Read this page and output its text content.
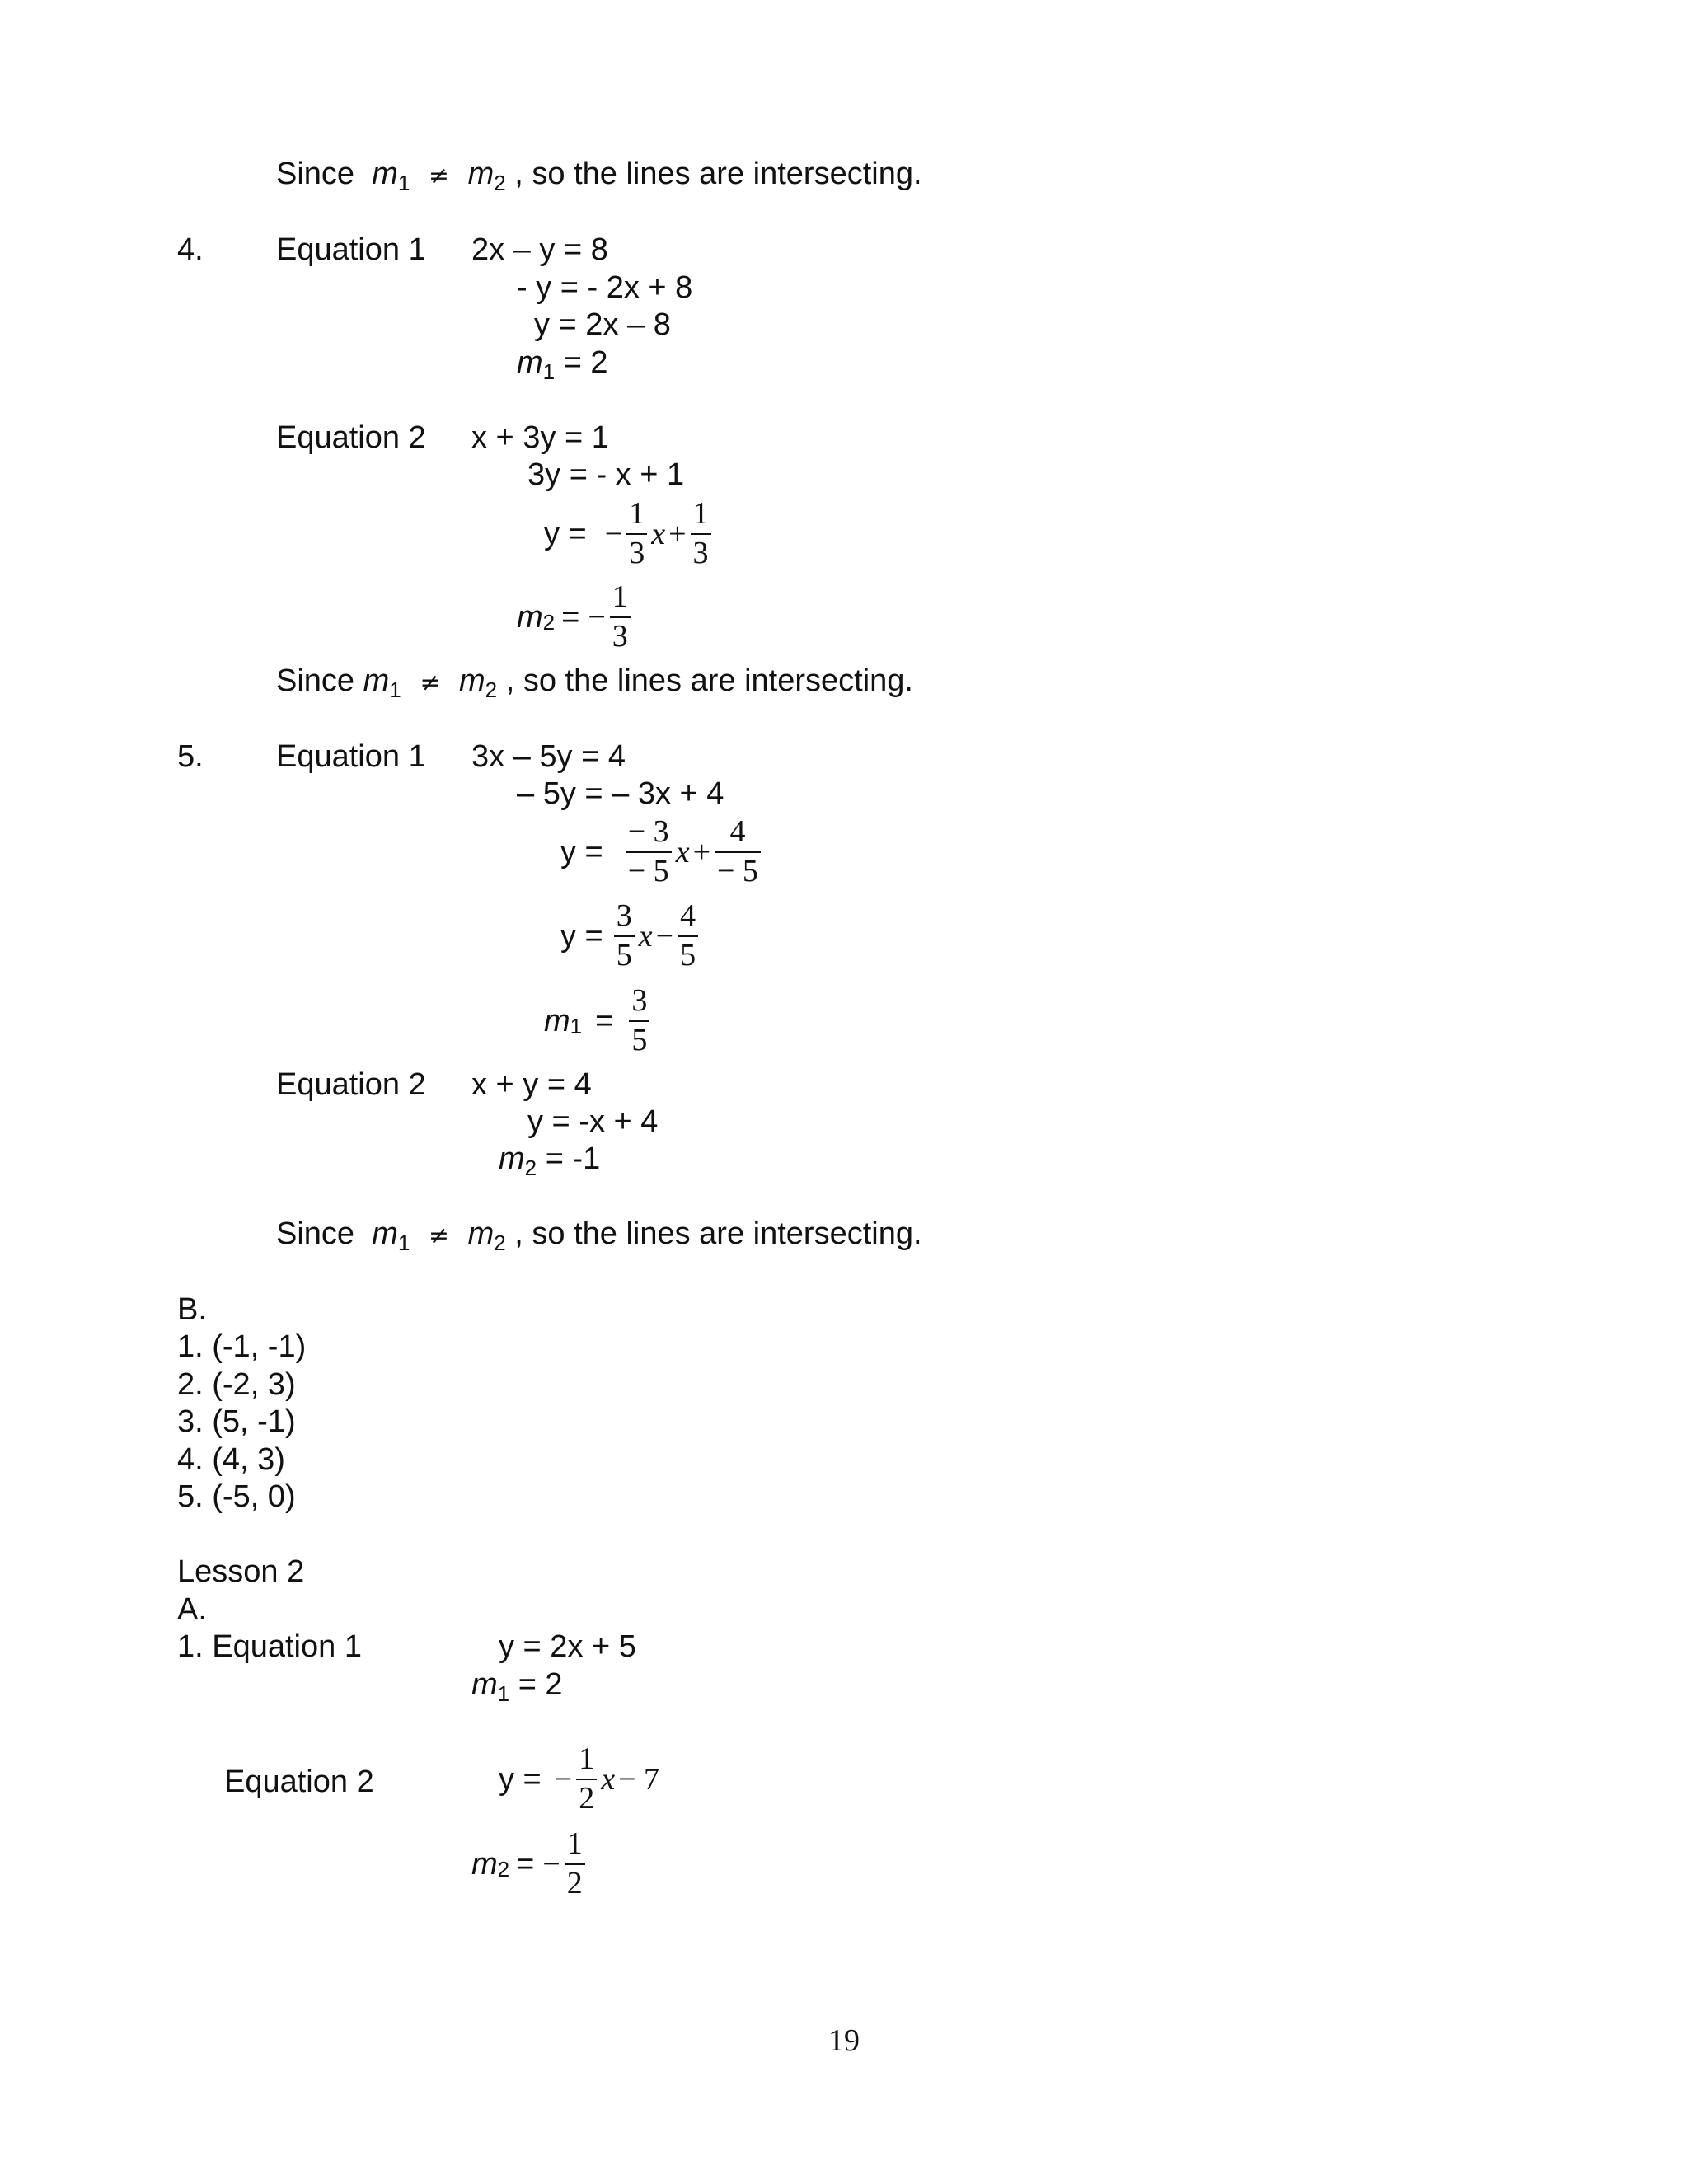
Since $m_1 \ne m_2$ , so the lines are intersecting.
4. Equation 1 2x – y = 8
- y = - 2x + 8
y = 2x – 8
$m_1 = 2$
Equation 2 x + 3y = 1
3y = - x + 1
y = − $\frac{1}{3}$ $x + \frac{1}{3}$
m 2 = − $\frac{1}{3}$
Since $m_1 \ne m_2$ , so the lines are intersecting.
5. Equation 1 3x – 5y = 4
– 5y = – 3x + 4
$y = \frac{- 3}{- 5}$ $x + \frac{4}{- 5}$
$y = \frac{3}{5}$ $x - \frac{4}{5}$
m $1 = \frac{3}{5}$
Equation 2 x + y = 4
y = -x + 4
$m_2 = -1$
Since $m_1 \ne m_2$ , so the lines are intersecting.
B.
1. (-1, -1)
2. (-2, 3)
3. (5, -1)
4. (4, 3)
5. (-5, 0)
Lesson 2
A.
1. Equation 1	y = 2x + 5
$m_1 = 2$
Equation 2	y = − $\frac{1}{2}$ x − 7
m 2 = − $\frac{1}{2}$
19
